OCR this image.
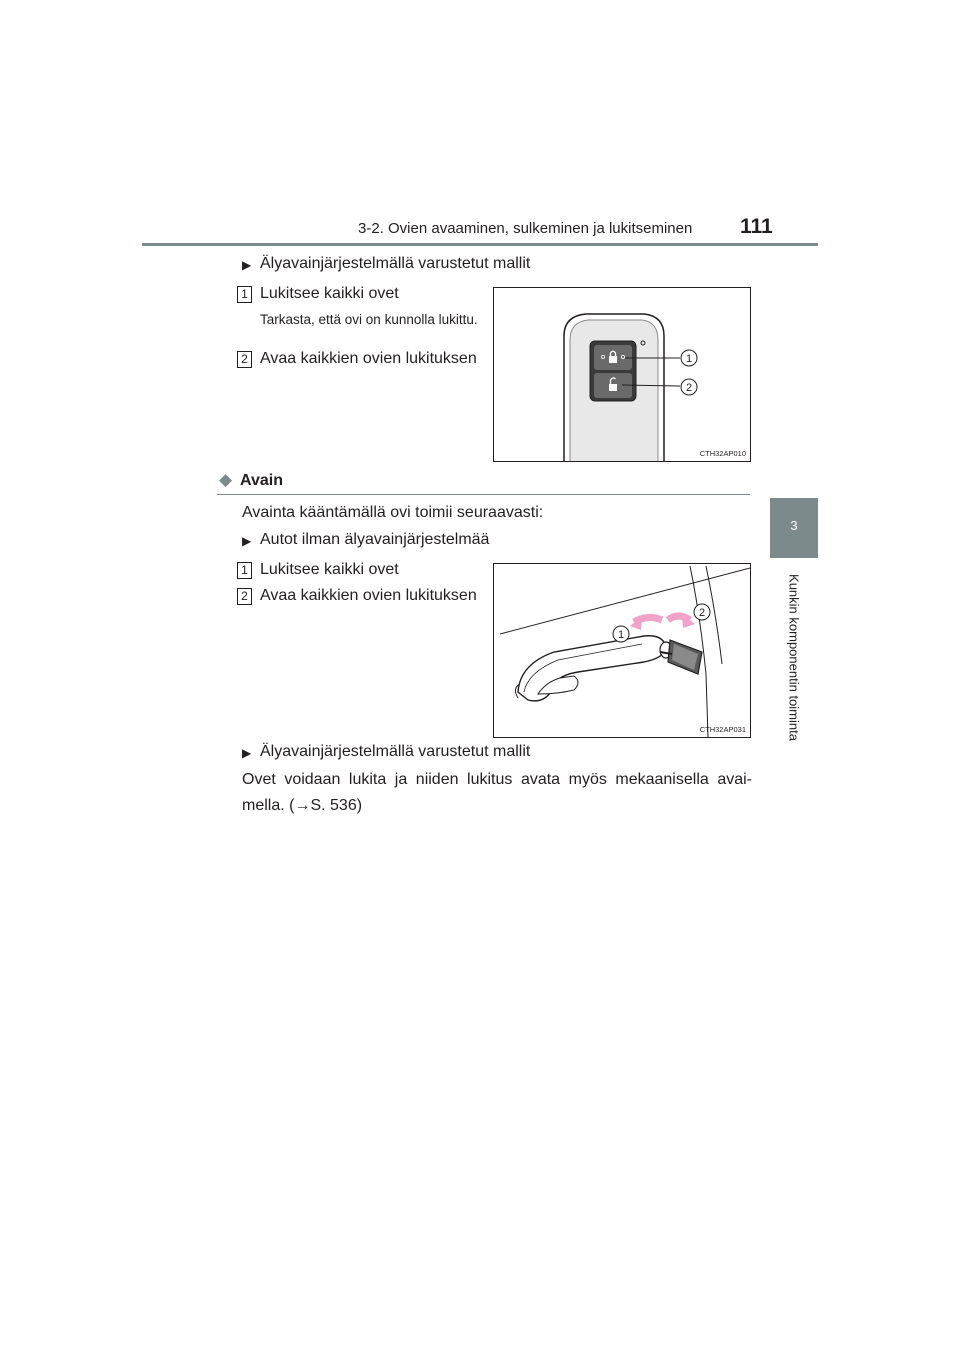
3-2. Ovien avaaminen, sulkeminen ja lukitseminen 111
3
Kunkin komponentin toiminta
▶ Älyavainjärjestelmällä varustetut mallit
1 Lukitsee kaikki ovet
Tarkasta, että ovi on kunnolla lukittu.
2 Avaa kaikkien ovien lukituksen	1
2
CTH32AP010
◆ Avain
Avainta kääntämällä ovi toimii seuraavasti:
▶ Autot ilman älyavainjärjestelmää
1 Lukitsee kaikki ovet
2 Avaa kaikkien ovien lukituksen
1
2
CTH32AP031
▶ Älyavainjärjestelmällä varustetut mallit
Ovet voidaan lukita ja niiden lukitus avata myös mekaanisella avai-mella. (→S. 536)
